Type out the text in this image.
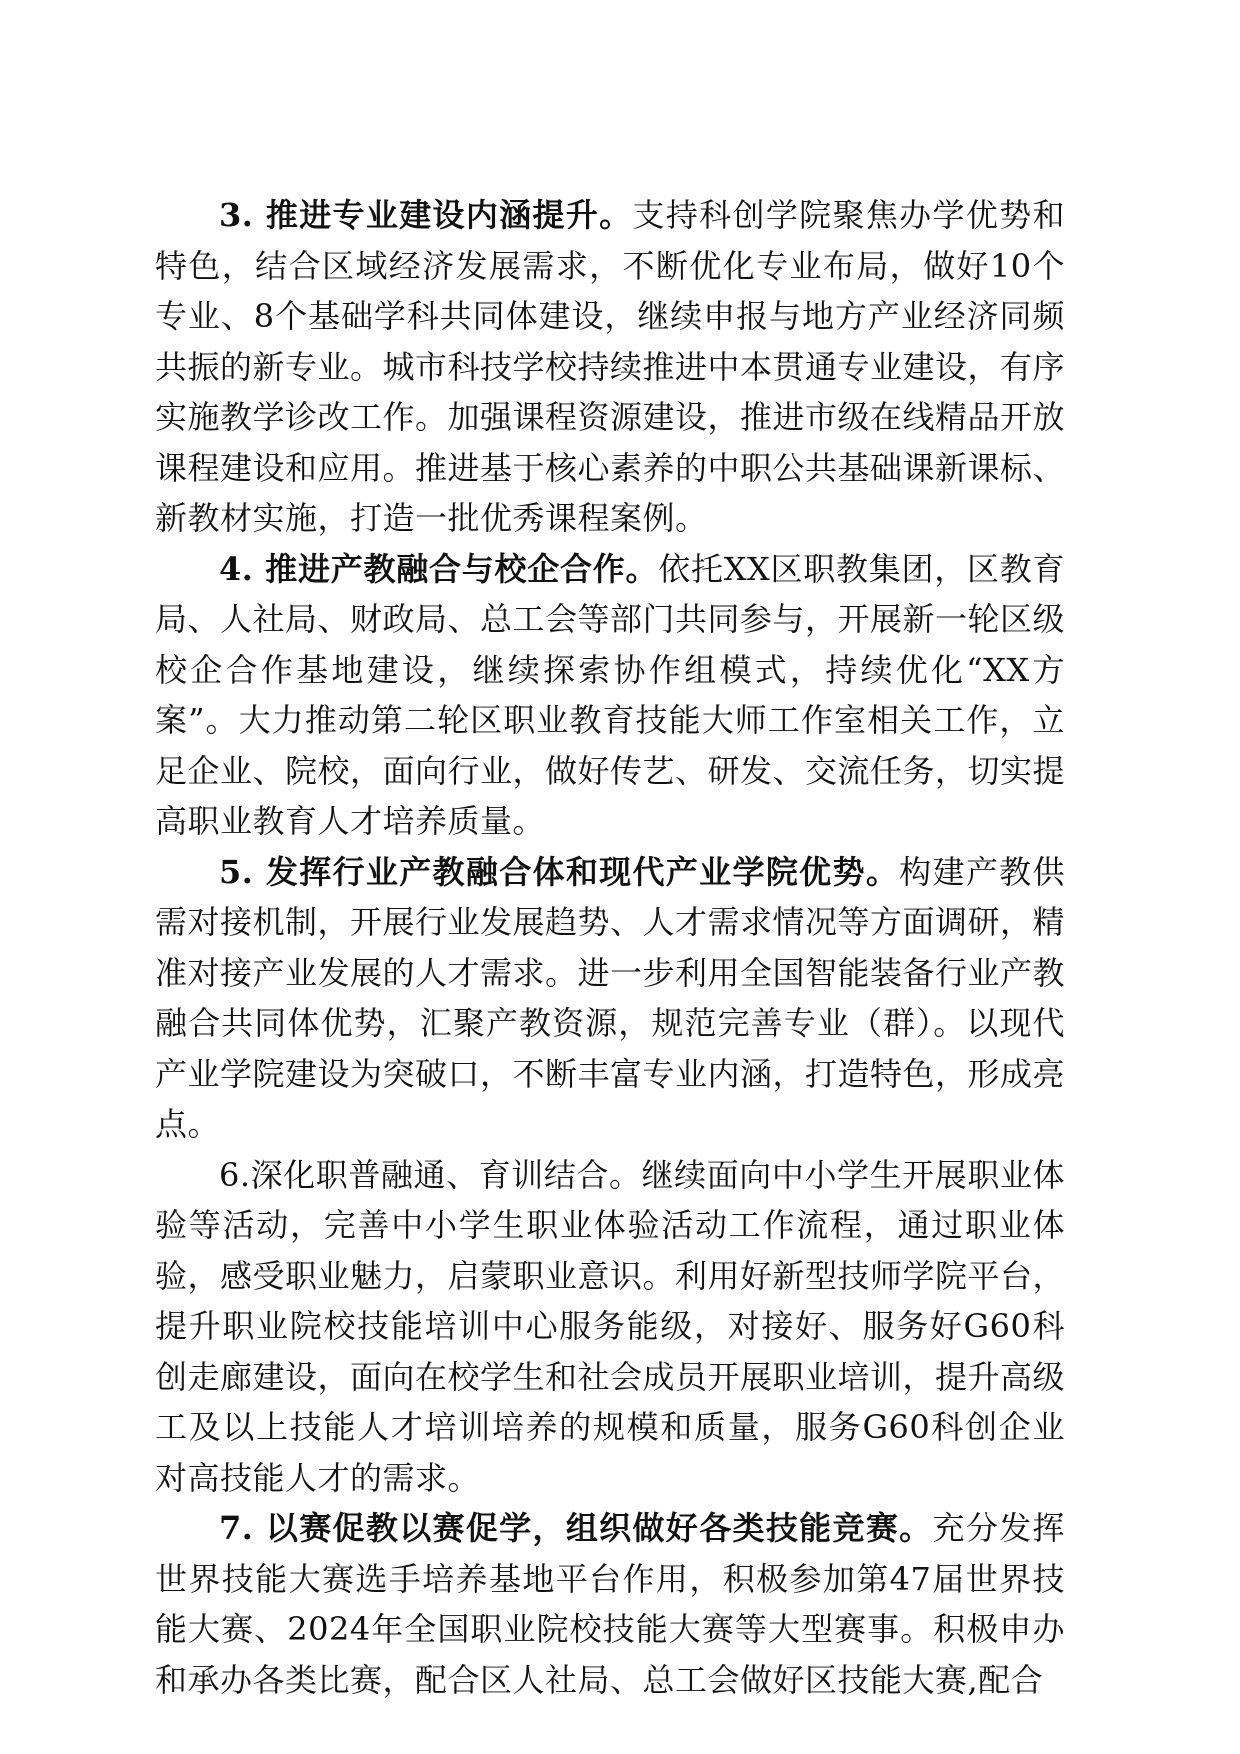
3. 推进专业建设内涵提升。支持科创学院聚焦办学优势和特色，结合区域经济发展需求，不断优化专业布局，做好10个专业、8个基础学科共同体建设，继续申报与地方产业经济同频共振的新专业。城市科技学校持续推进中本贯通专业建设，有序实施教学诊改工作。加强课程资源建设，推进市级在线精品开放课程建设和应用。推进基于核心素养的中职公共基础课新课标、新教材实施，打造一批优秀课程案例。

4. 推进产教融合与校企合作。依托XX区职教集团，区教育局、人社局、财政局、总工会等部门共同参与，开展新一轮区级校企合作基地建设，继续探索协作组模式，持续优化“XX方案”。大力推动第二轮区职业教育技能大师工作室相关工作，立足企业、院校，面向行业，做好传艺、研发、交流任务，切实提高职业教育人才培养质量。

5. 发挥行业产教融合体和现代产业学院优势。构建产教供需对接机制，开展行业发展趋势、人才需求情况等方面调研，精准对接产业发展的人才需求。进一步利用全国智能装备行业产教融合共同体优势，汇聚产教资源，规范完善专业（群）。以现代产业学院建设为突破口，不断丰富专业内涵，打造特色，形成亮点。

6.深化职普融通、育训结合。继续面向中小学生开展职业体验等活动，完善中小学生职业体验活动工作流程，通过职业体验，感受职业魅力，启蒙职业意识。利用好新型技师学院平台，提升职业院校技能培训中心服务能级，对接好、服务好G60科创走廊建设，面向在校学生和社会成员开展职业培训，提升高级工及以上技能人才培训培养的规模和质量，服务G60科创企业对高技能人才的需求。

7. 以赛促教以赛促学，组织做好各类技能竞赛。充分发挥世界技能大赛选手培养基地平台作用，积极参加第47届世界技能大赛、2024年全国职业院校技能大赛等大型赛事。积极申办和承办各类比赛，配合区人社局、总工会做好区技能大赛,配合
